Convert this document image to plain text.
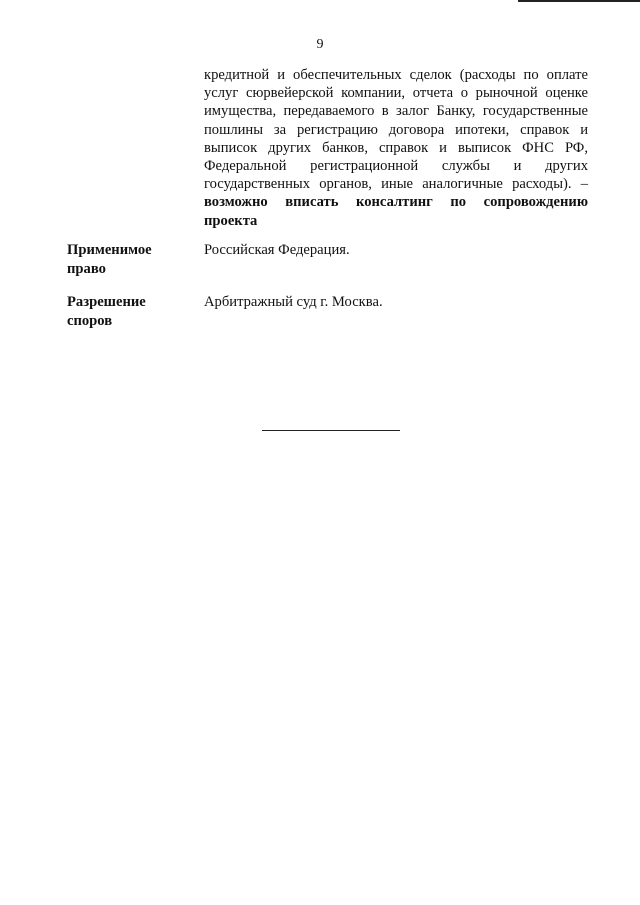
9
кредитной и обеспечительных сделок (расходы по оплате
услуг сюрвейерской компании, отчета о рыночной оценке
имущества, передаваемого в залог Банку, государственные
пошлины за регистрацию договора ипотеки, справок и
выписок других банков, справок и выписок ФНС РФ,
Федеральной регистрационной службы и других
государственных органов, иные аналогичные расходы). –
возможно вписать консалтинг по сопровождению
проекта
Применимое
право
Российская Федерация.
Разрешение
споров
Арбитражный суд г. Москва.
